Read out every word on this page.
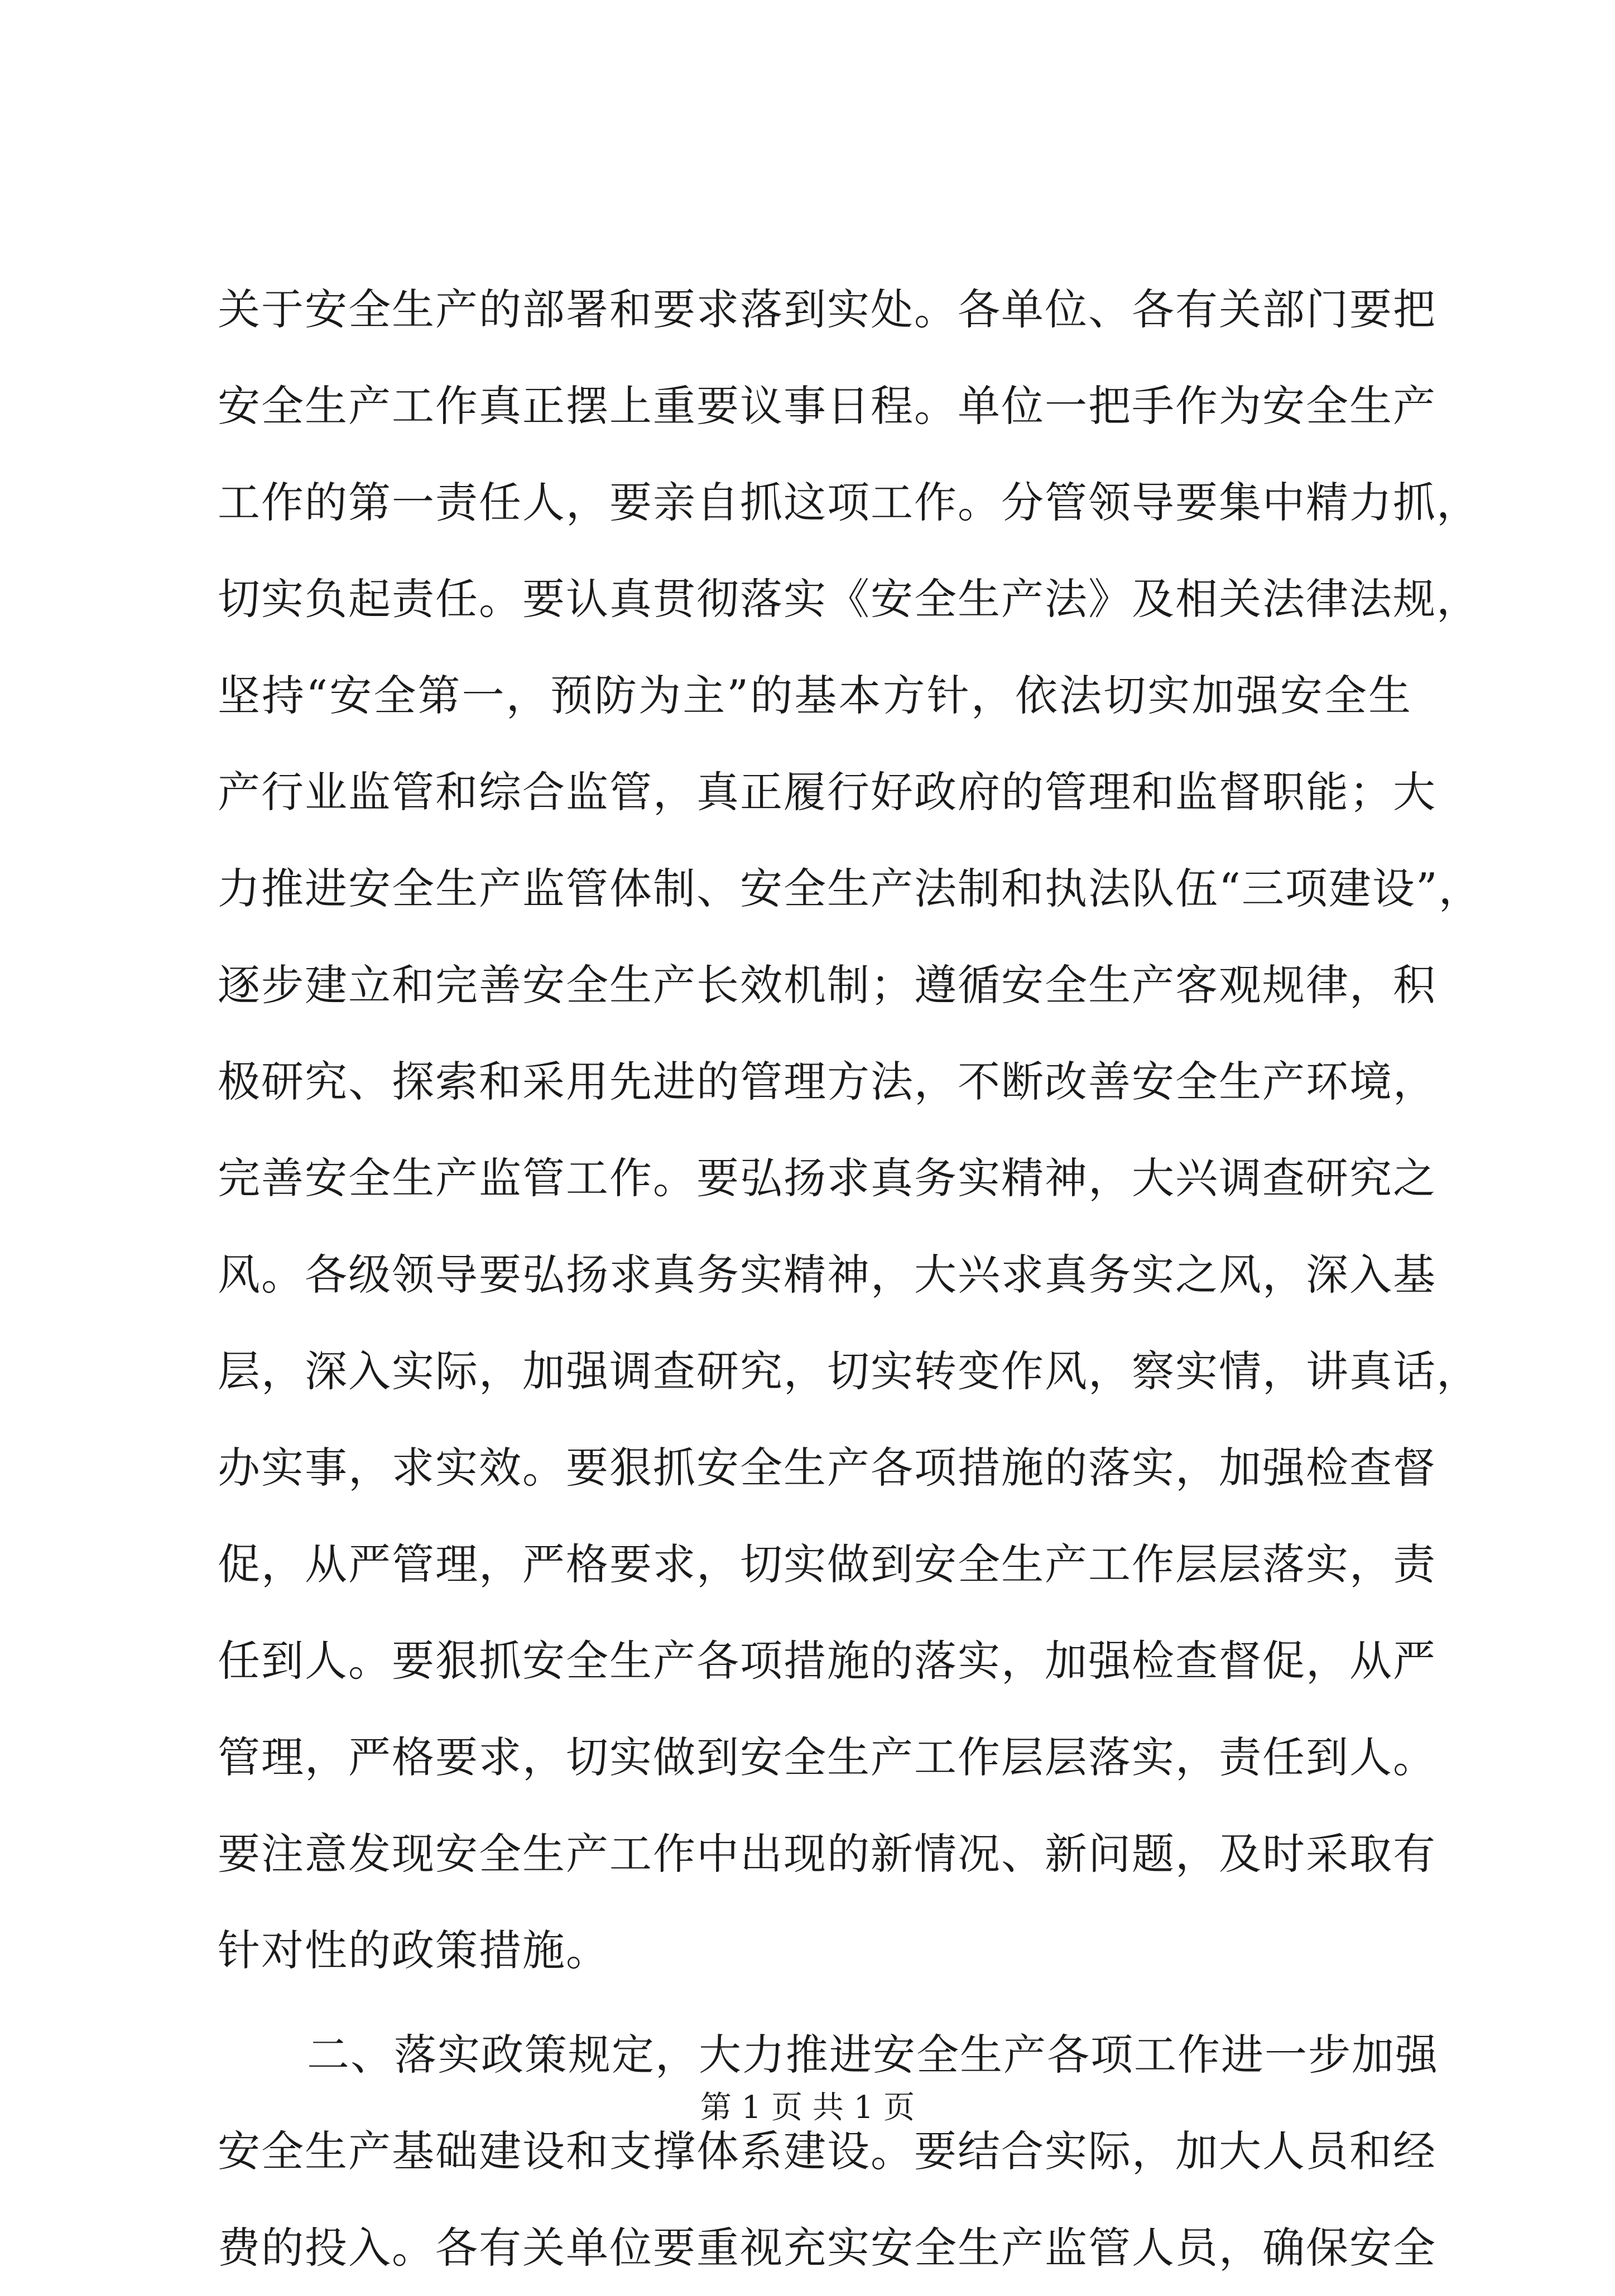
关于安全生产的部署和要求落到实处。各单位、各有关部门要把
安全生产工作真正摆上重要议事日程。单位一把手作为安全生产
工作的第一责任人，要亲自抓这项工作。分管领导要集中精力抓，
切实负起责任。要认真贯彻落实《安全生产法》及相关法律法规，
坚持“安全第一，预防为主”的基本方针，依法切实加强安全生
产行业监管和综合监管，真正履行好政府的管理和监督职能；大
力推进安全生产监管体制、安全生产法制和执法队伍“三项建设”，
逐步建立和完善安全生产长效机制；遵循安全生产客观规律，积
极研究、探索和采用先进的管理方法，不断改善安全生产环境，
完善安全生产监管工作。要弘扬求真务实精神，大兴调查研究之
风。各级领导要弘扬求真务实精神，大兴求真务实之风，深入基
层，深入实际，加强调查研究，切实转变作风，察实情，讲真话，
办实事，求实效。要狠抓安全生产各项措施的落实，加强检查督
促，从严管理，严格要求，切实做到安全生产工作层层落实，责
任到人。要狠抓安全生产各项措施的落实，加强检查督促，从严
管理，严格要求，切实做到安全生产工作层层落实，责任到人。
要注意发现安全生产工作中出现的新情况、新问题，及时采取有
针对性的政策措施。
二、落实政策规定，大力推进安全生产各项工作进一步加强
安全生产基础建设和支撑体系建设。要结合实际，加大人员和经
费的投入。各有关单位要重视充实安全生产监管人员，确保安全
第 1 页 共 1 页
